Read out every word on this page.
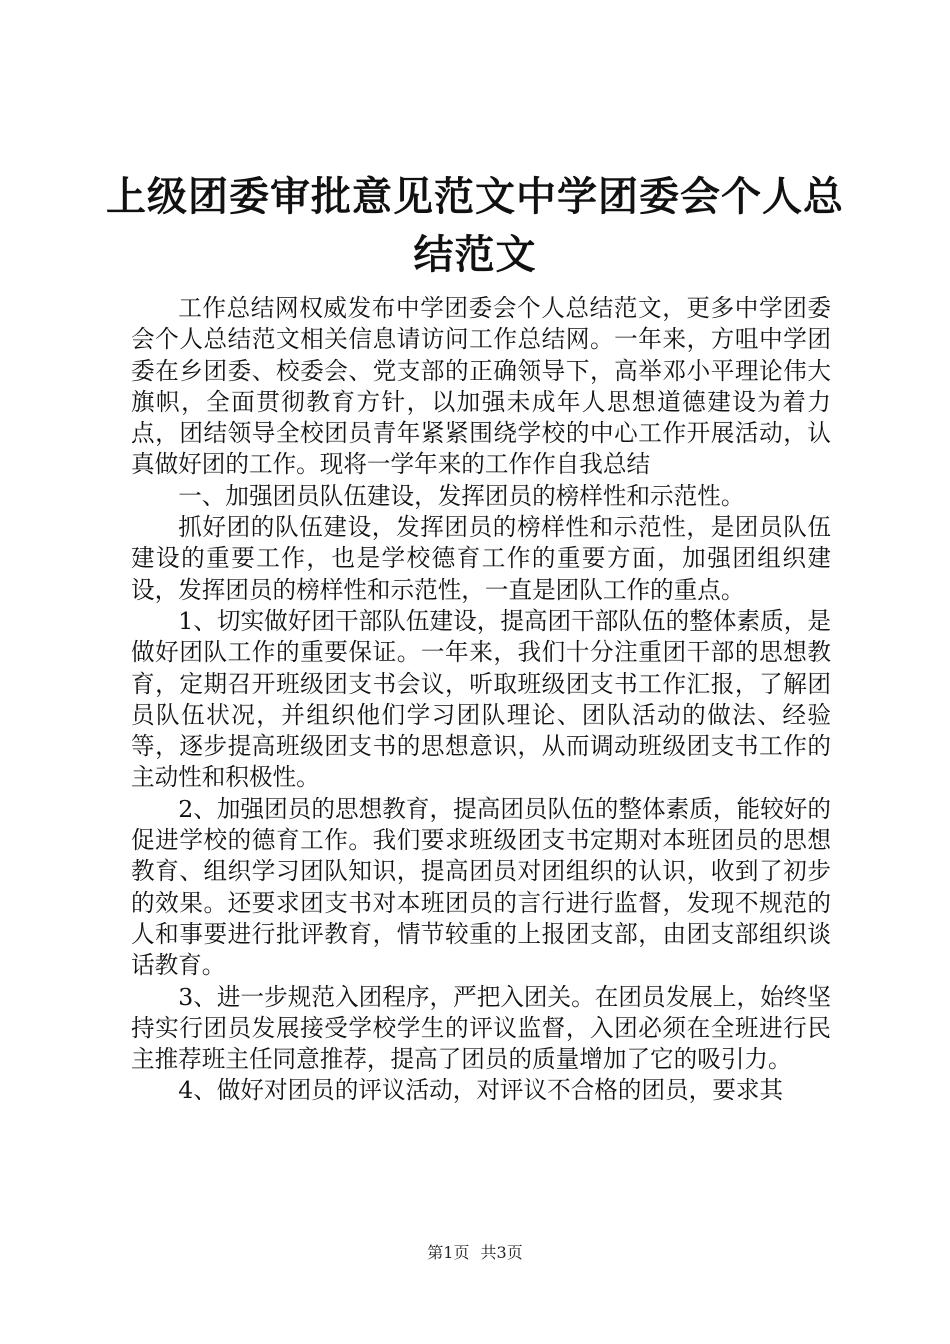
上级团委审批意见范文中学团委会个人总结范文

工作总结网权威发布中学团委会个人总结范文，更多中学团委会个人总结范文相关信息请访问工作总结网。一年来，方咀中学团委在乡团委、校委会、党支部的正确领导下，高举邓小平理论伟大旗帜，全面贯彻教育方针，以加强未成年人思想道德建设为着力点，团结领导全校团员青年紧紧围绕学校的中心工作开展活动，认真做好团的工作。现将一学年来的工作作自我总结

一、加强团员队伍建设，发挥团员的榜样性和示范性。

抓好团的队伍建设，发挥团员的榜样性和示范性，是团员队伍建设的重要工作，也是学校德育工作的重要方面，加强团组织建设，发挥团员的榜样性和示范性，一直是团队工作的重点。

1、切实做好团干部队伍建设，提高团干部队伍的整体素质，是做好团队工作的重要保证。一年来，我们十分注重团干部的思想教育，定期召开班级团支书会议，听取班级团支书工作汇报，了解团员队伍状况，并组织他们学习团队理论、团队活动的做法、经验等，逐步提高班级团支书的思想意识，从而调动班级团支书工作的主动性和积极性。

2、加强团员的思想教育，提高团员队伍的整体素质，能较好的促进学校的德育工作。我们要求班级团支书定期对本班团员的思想教育、组织学习团队知识，提高团员对团组织的认识，收到了初步的效果。还要求团支书对本班团员的言行进行监督，发现不规范的人和事要进行批评教育，情节较重的上报团支部，由团支部组织谈话教育。

3、进一步规范入团程序，严把入团关。在团员发展上，始终坚持实行团员发展接受学校学生的评议监督，入团必须在全班进行民主推荐班主任同意推荐，提高了团员的质量增加了它的吸引力。

4、做好对团员的评议活动，对评议不合格的团员，要求其

第1页 共3页
